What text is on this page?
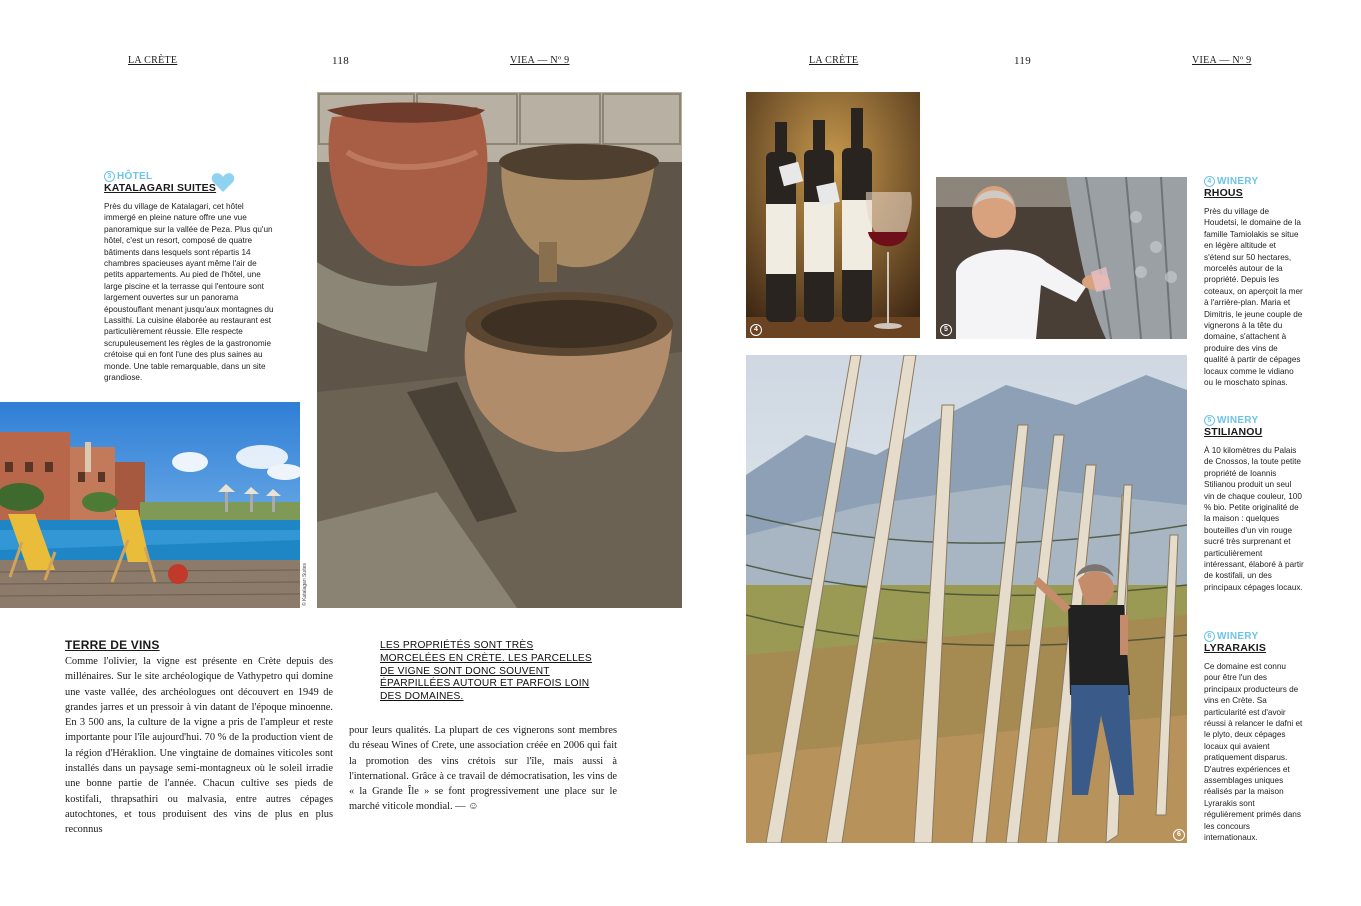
LA CRÈTE	118	VIEA — Nº 9	LA CRÈTE	119	VIEA — Nº 9
3 HÔTEL
KATALAGARI SUITES
Près du village de Katalagari, cet hôtel immergé en pleine nature offre une vue panoramique sur la vallée de Peza. Plus qu'un hôtel, c'est un resort, composé de quatre bâtiments dans lesquels sont répartis 14 chambres spacieuses ayant même l'air de petits appartements. Au pied de l'hôtel, une large piscine et la terrasse qui l'entoure sont largement ouvertes sur un panorama époustouflant menant jusqu'aux montagnes du Lassithi. La cuisine élaborée au restaurant est particulièrement réussie. Elle respecte scrupuleusement les règles de la gastronomie crétoise qui en font l'une des plus saines au monde. Une table remarquable, dans un site grandiose.
© Katalagari Suites
TERRE DE VINS
Comme l'olivier, la vigne est présente en Crète depuis des millénaires. Sur le site archéologique de Vathypetro qui domine une vaste vallée, des archéologues ont découvert en 1949 de grandes jarres et un pressoir à vin datant de l'époque minoenne. En 3 500 ans, la culture de la vigne a pris de l'ampleur et reste importante pour l'île aujourd'hui. 70 % de la production vient de la région d'Héraklion. Une vingtaine de domaines viticoles sont installés dans un paysage semi-montagneux où le soleil irradie une bonne partie de l'année. Chacun cultive ses pieds de kostifali, thrapsathiri ou malvasia, entre autres cépages autochtones, et tous produisent des vins de plus en plus reconnus
LES PROPRIÉTÉS SONT TRÈS MORCELÉES EN CRÈTE. LES PARCELLES DE VIGNE SONT DONC SOUVENT ÉPARPILLÉES AUTOUR ET PARFOIS LOIN DES DOMAINES.
pour leurs qualités. La plupart de ces vignerons sont membres du réseau Wines of Crete, une association créée en 2006 qui fait la promotion des vins crétois sur l'île, mais aussi à l'international. Grâce à ce travail de démocratisation, les vins de « la Grande Île » se font progressivement une place sur le marché viticole mondial. — ☺
4	5
6
4 WINERY
RHOUS
Près du village de Houdetsi, le domaine de la famille Tamiolakis se situe en légère altitude et s'étend sur 50 hectares, morcelés autour de la propriété. Depuis les coteaux, on aperçoit la mer à l'arrière-plan. Maria et Dimitris, le jeune couple de vignerons à la tête du domaine, s'attachent à produire des vins de qualité à partir de cépages locaux comme le vidiano ou le moschato spinas.
5 WINERY
STILIANOU
À 10 kilomètres du Palais de Cnossos, la toute petite propriété de Ioannis Stilianou produit un seul vin de chaque couleur, 100 % bio. Petite originalité de la maison : quelques bouteilles d'un vin rouge sucré très surprenant et particulièrement intéressant, élaboré à partir de kostifali, un des principaux cépages locaux.
6 WINERY
LYRARAKIS
Ce domaine est connu pour être l'un des principaux producteurs de vins en Crète. Sa particularité est d'avoir réussi à relancer le dafni et le plyto, deux cépages locaux qui avaient pratiquement disparus. D'autres expériences et assemblages uniques réalisés par la maison Lyrarakis sont régulièrement primés dans les concours internationaux.
